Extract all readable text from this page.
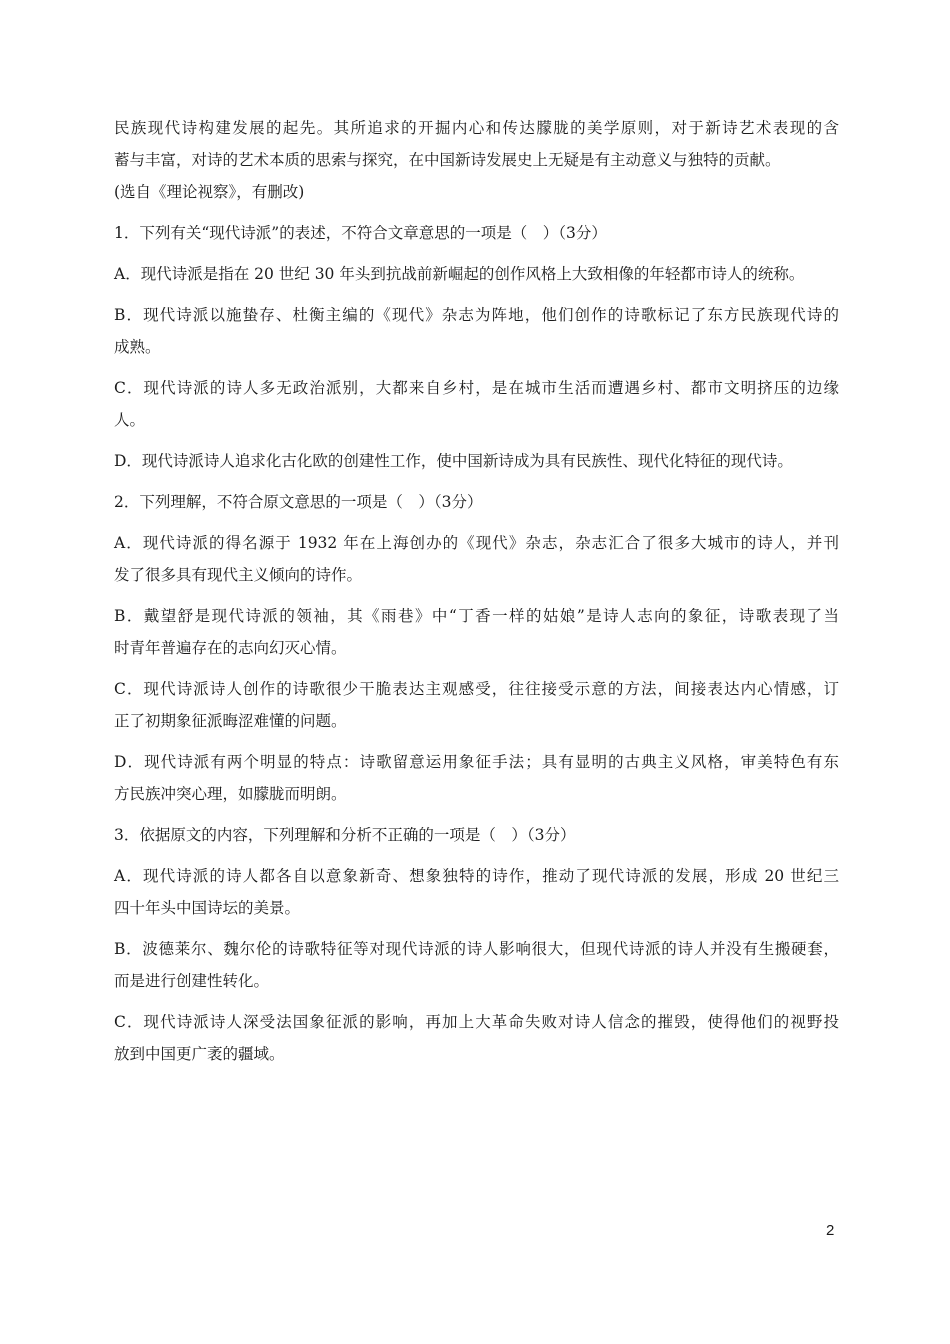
民族现代诗构建发展的起先。其所追求的开掘内心和传达朦胧的美学原则，对于新诗艺术表现的含
蓄与丰富，对诗的艺术本质的思索与探究，在中国新诗发展史上无疑是有主动意义与独特的贡献。
(选自《理论视察》，有删改)
1．下列有关“现代诗派”的表述，不符合文章意思的一项是（　）（3分）
A．现代诗派是指在 20 世纪 30 年头到抗战前新崛起的创作风格上大致相像的年轻都市诗人的统称。
B．现代诗派以施蛰存、杜衡主编的《现代》杂志为阵地，他们创作的诗歌标记了东方民族现代诗的
成熟。
C．现代诗派的诗人多无政治派别，大都来自乡村，是在城市生活而遭遇乡村、都市文明挤压的边缘
人。
D．现代诗派诗人追求化古化欧的创建性工作，使中国新诗成为具有民族性、现代化特征的现代诗。
2．下列理解，不符合原文意思的一项是（　）（3分）
A．现代诗派的得名源于 1932 年在上海创办的《现代》杂志，杂志汇合了很多大城市的诗人，并刊
发了很多具有现代主义倾向的诗作。
B．戴望舒是现代诗派的领袖，其《雨巷》中“丁香一样的姑娘”是诗人志向的象征，诗歌表现了当
时青年普遍存在的志向幻灭心情。
C．现代诗派诗人创作的诗歌很少干脆表达主观感受，往往接受示意的方法，间接表达内心情感，订
正了初期象征派晦涩难懂的问题。
D．现代诗派有两个明显的特点：诗歌留意运用象征手法；具有显明的古典主义风格，审美特色有东
方民族冲突心理，如朦胧而明朗。
3．依据原文的内容，下列理解和分析不正确的一项是（　）（3分）
A．现代诗派的诗人都各自以意象新奇、想象独特的诗作，推动了现代诗派的发展，形成 20 世纪三
四十年头中国诗坛的美景。
B．波德莱尔、魏尔伦的诗歌特征等对现代诗派的诗人影响很大，但现代诗派的诗人并没有生搬硬套，
而是进行创建性转化。
C．现代诗派诗人深受法国象征派的影响，再加上大革命失败对诗人信念的摧毁，使得他们的视野投
放到中国更广袤的疆域。
2
